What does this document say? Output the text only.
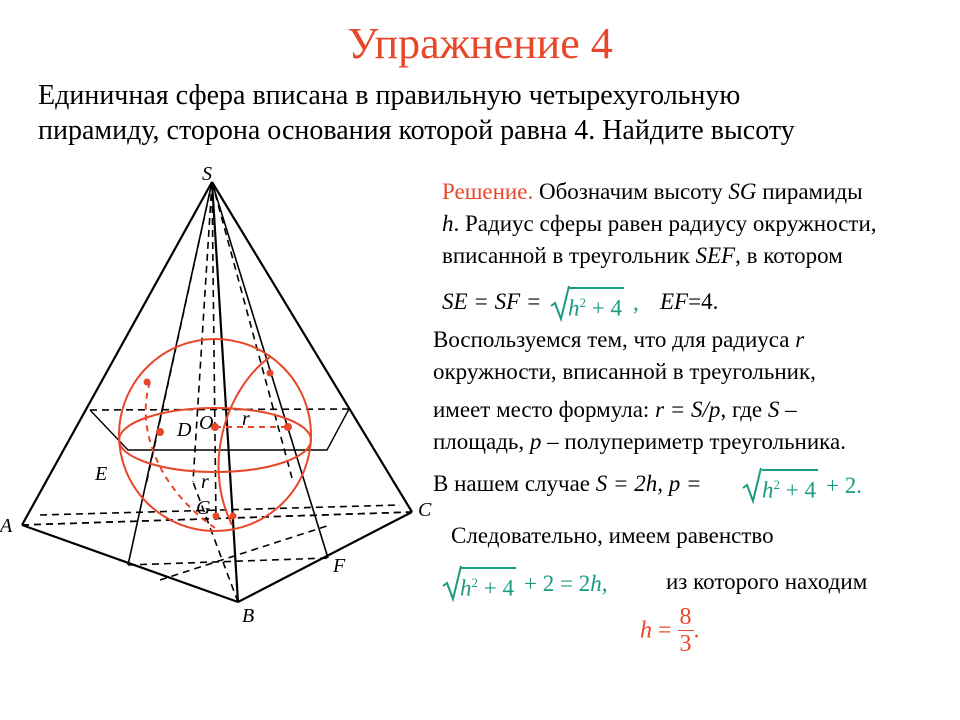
Упражнение 4
Единичная сфера вписана в правильную четырехугольную
пирамиду, сторона основания которой равна 4. Найдите высоту
S
A
B
C
D
E
F
G
O r
r
Решение. Обозначим высоту SG пирамиды
h. Радиус сферы равен радиусу окружности,
вписанной в треугольник SEF, в котором
SE = SF = $h^2 + 4$ , EF=4.
Воспользуемся тем, что для радиуса r
окружности, вписанной в треугольник,
имеет место формула: r = S/p, где S –
площадь, p – полупериметр треугольника.
В нашем случае S = 2h, p =	$h^2 + 4 + 2$.
Следовательно, имеем равенство
$h^2 + 4 + 2 = 2h$,	из которого находим
$h = \frac{8}{3}$ .
